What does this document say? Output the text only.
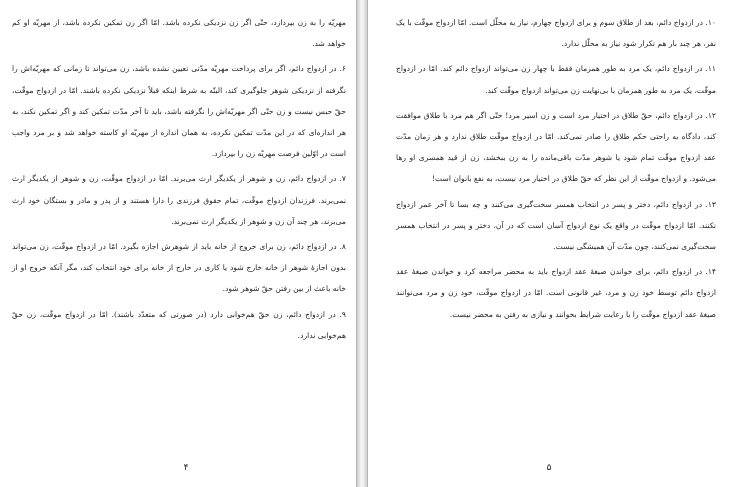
مهریّه را به زن بپردازد، حتّی اگر زن نزدیکی نکرده باشد. امّا اگر زن تمکین نکرده باشد، از مهریّه او کم خواهد شد.

۶. در ازدواج دائم، اگر برای پرداخت مهریّه مدّتی تعیین نشده باشد، زن می‌تواند تا زمانی که مهریّه‌اش را نگرفته از نزدیکی شوهر جلوگیری کند، البتّه به شرط اینکه قبلاً نزدیکی نکرده باشند. امّا در ازدواج موقّت، حقّ حبس نیست و زن حتّی اگر مهریّه‌اش را نگرفته باشد، باید تا آخر مدّت تمکین کند و اگر تمکین نکند، به هر اندازه‌ای که در این مدّت تمکین نکرده، به همان اندازه از مهریّه او کاسته خواهد شد و بر مرد واجب است در اوّلین فرصت مهریّه زن را بپردازد.

۷. در ازدواج دائم، زن و شوهر از یکدیگر ارث می‌برند. امّا در ازدواج موقّت، زن و شوهر از یکدیگر ارث نمی‌برند. فرزندان ازدواج موقّت، تمام حقوق فرزندی را دارا هستند و از پدر و مادر و بستگان خود ارث می‌برند، هر چند آن زن و شوهر از یکدیگر ارث نمی‌برند.

۸. در ازدواج دائم، زن برای خروج از خانه باید از شوهرش اجازه بگیرد. امّا در ازدواج موقّت، زن می‌تواند بدون اجازهٔ شوهر از خانه خارج شود یا کاری در خارج از خانه برای خود انتخاب کند، مگر آنکه خروج او از خانه باعث از بین رفتن حقّ شوهر شود.

۹. در ازدواج دائم، زن حقّ هم‌خوابی دارد (در صورتی که متعدّد باشند). امّا در ازدواج موقّت، زن حقّ هم‌خوابی ندارد.

۴

۱۰. در ازدواج دائم، بعد از طلاق سوم و برای ازدواج چهارم، نیاز به محلّل است. امّا ازدواج موقّت با یک نفر، هر چند بار هم تکرار شود نیاز به محلّل ندارد.

۱۱. در ازدواج دائم، یک مرد به طور همزمان فقط با چهار زن می‌تواند ازدواج دائم کند. امّا در ازدواج موقّت، یک مرد به طور همزمان با بی‌نهایت زن می‌تواند ازدواج موقّت کند.

۱۲. در ازدواج دائم، حقّ طلاق در اختیار مرد است و زن اسیر مرد! حتّی اگر هم مرد با طلاق موافقت کند، دادگاه به راحتی حکم طلاق را صادر نمی‌کند. امّا در ازدواج موقّت طلاق ندارد و هر زمان مدّت عقد ازدواج موقّت تمام شود یا شوهر مدّت باقی‌مانده را به زن ببخشد، زن از قید همسری او رها می‌شود. و ازدواج موقّت از این نظر که حقّ طلاق در اختیار مرد نیست، به نفع بانوان است!

۱۳. در ازدواج دائم، دختر و پسر در انتخاب همسر سخت‌گیری می‌کنند و چه بسا تا آخر عمر ازدواج نکنند. امّا ازدواج موقّت در واقع یک نوع ازدواج آسان است که در آن، دختر و پسر در انتخاب همسر سخت‌گیری نمی‌کنند، چون مدّت آن همیشگی نیست.

۱۴. در ازدواج دائم، برای خواندن صیغهٔ عقد ازدواج باید به محضر مراجعه کرد و خواندن صیغهٔ عقد ازدواج دائم توسط خود زن و مرد، غیر قانونی است. امّا در ازدواج موقّت، خود زن و مرد می‌توانند صیغهٔ عقد ازدواج موقّت را با رعایت شرایط بخوانند و نیازی به رفتن به محضر نیست.

۵
